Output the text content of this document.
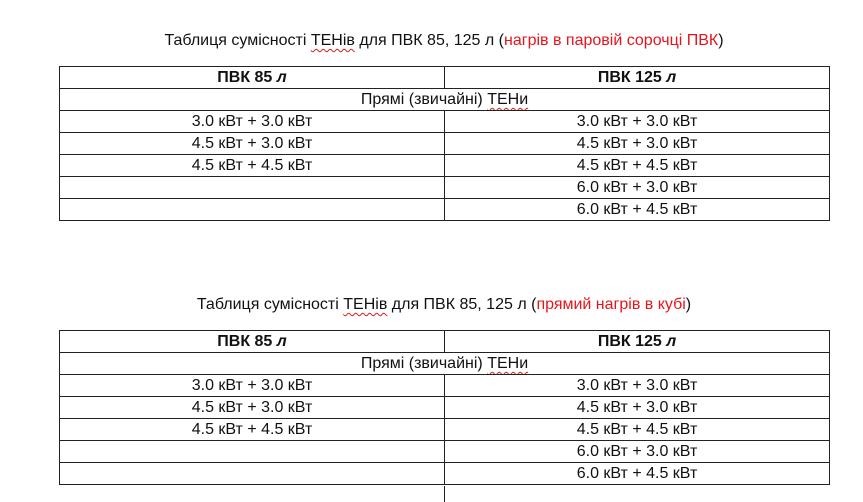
Таблиця сумісності ТЕНів для ПВК 85, 125 л (нагрів в паровій сорочці ПВК)
ПВК 85 л	ПВК 125 л
Прямі (звичайні) ТЕНи	
3.0 кВт + 3.0 кВт	3.0 кВт + 3.0 кВт
4.5 кВт + 3.0 кВт	4.5 кВт + 3.0 кВт
4.5 кВт + 4.5 кВт	4.5 кВт + 4.5 кВт
	6.0 кВт + 3.0 кВт
	6.0 кВт + 4.5 кВт
Таблиця сумісності ТЕНів для ПВК 85, 125 л (прямий нагрів в кубі)
ПВК 85 л	ПВК 125 л
Прямі (звичайні) ТЕНи	
3.0 кВт + 3.0 кВт	3.0 кВт + 3.0 кВт
4.5 кВт + 3.0 кВт	4.5 кВт + 3.0 кВт
4.5 кВт + 4.5 кВт	4.5 кВт + 4.5 кВт
	6.0 кВт + 3.0 кВт
	6.0 кВт + 4.5 кВт
